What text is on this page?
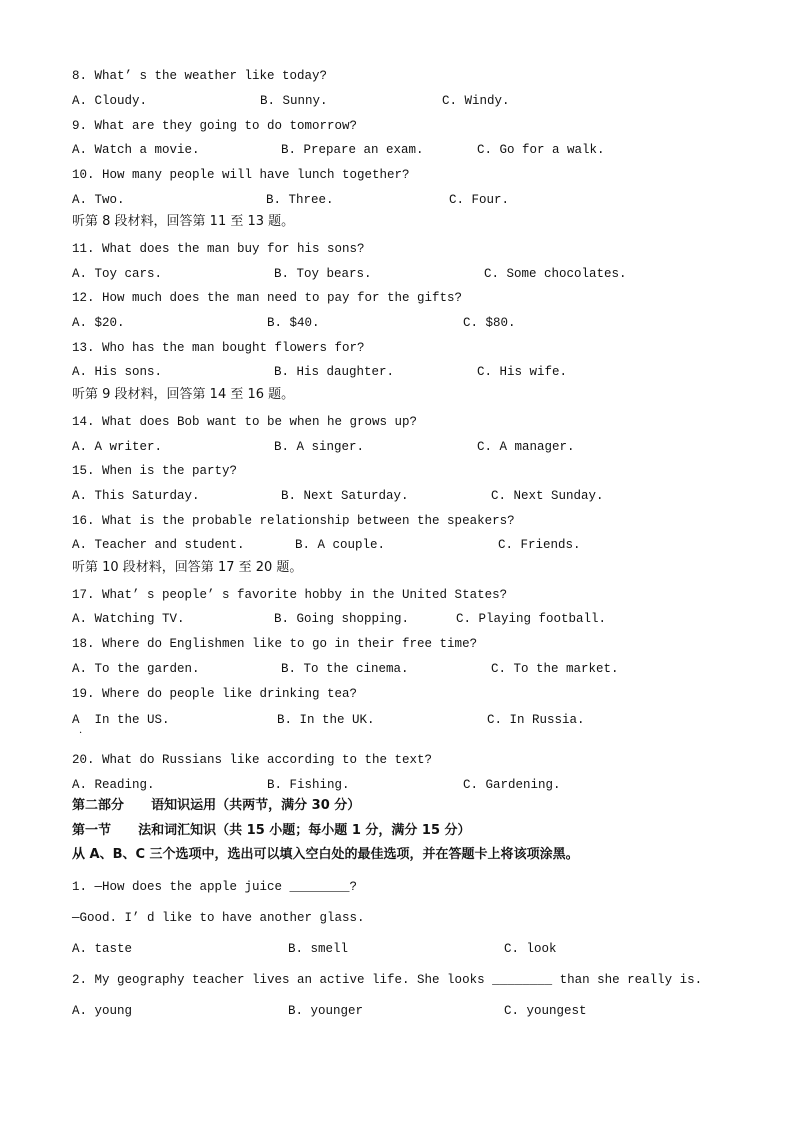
8. What’ s the weather like today?
A. Cloudy.	B. Sunny.	C. Windy.
9. What are they going to do tomorrow?
A. Watch a movie.	B. Prepare an exam.	C. Go for a walk.
10. How many people will have lunch together?
A. Two.	B. Three.	C. Four.
听第 8 段材料，回答第 11 至 13 题。
11. What does the man buy for his sons?
A. Toy cars.	B. Toy bears.	C. Some chocolates.
12. How much does the man need to pay for the gifts?
A. $20.	B. $40.	C. $80.
13. Who has the man bought flowers for?
A. His sons.	B. His daughter.	C. His wife.
听第 9 段材料，回答第 14 至 16 题。
14. What does Bob want to be when he grows up?
A. A writer.	B. A singer.	C. A manager.
15. When is the party?
A. This Saturday.	B. Next Saturday.	C. Next Sunday.
16. What is the probable relationship between the speakers?
A. Teacher and student.	B. A couple.	C. Friends.
听第 10 段材料，回答第 17 至 20 题。
17. What’ s people’ s favorite hobby in the United States?
A. Watching TV.	B. Going shopping.	C. Playing football.
18. Where do Englishmen like to go in their free time?
A. To the garden.	B. To the cinema.	C. To the market.
19. Where do people like drinking tea?
A  In the US.
·
B. In the UK.	C. In Russia.
20. What do Russians like according to the text?
A. Reading.	B. Fishing.	C. Gardening.
第二部分      语知识运用（共两节，满分 30 分）
第一节      法和词汇知识（共 15 小题；每小题 1 分，满分 15 分）
从 A、B、C 三个选项中，选出可以填入空白处的最佳选项，并在答题卡上将该项涂黑。
1. —How does the apple juice ________?
—Good. I’ d like to have another glass.
A. taste	B. smell	C. look
2. My geography teacher lives an active life. She looks ________ than she really is.
A. young	B. younger	C. youngest
